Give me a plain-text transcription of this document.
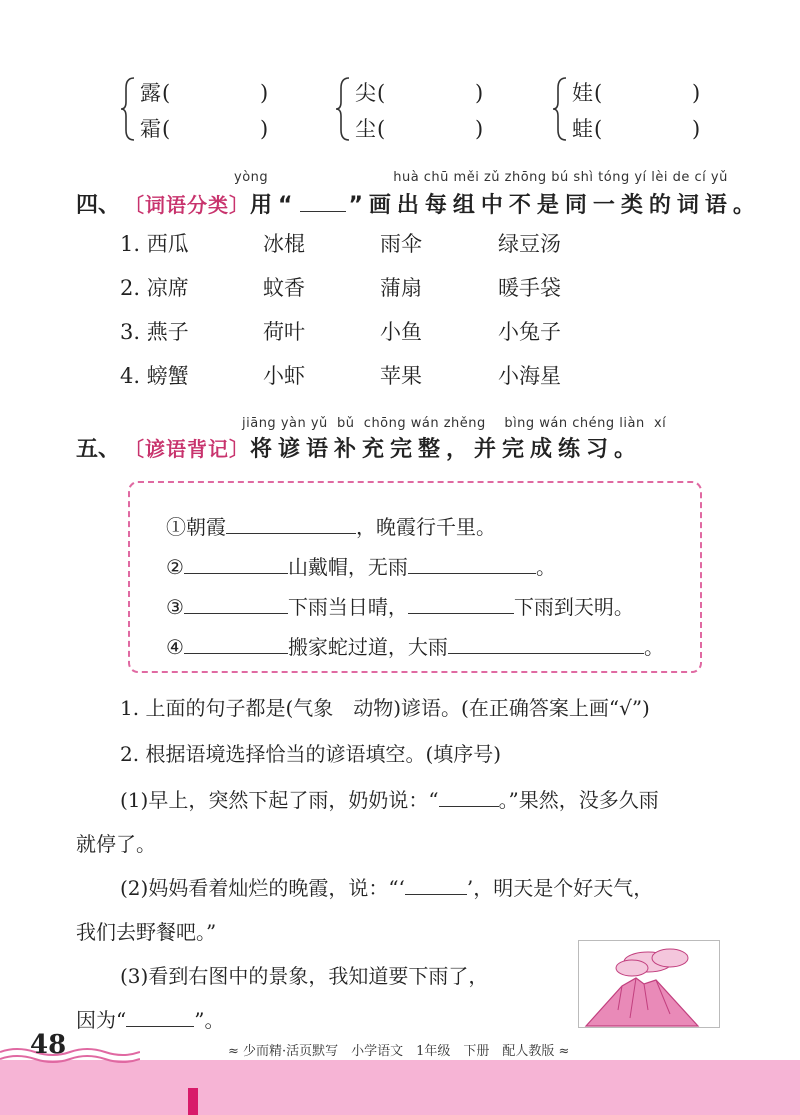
露(	)
霜(	)
尖(	)
尘(	)
娃(	)
蛙(	)
yòng                           huà chū měi zǔ zhōng bú shì tóng yí lèi de cí yǔ
四、 〔词语分类〕 用“ ”画出每组中不是同一类的词语。
1. 西瓜	冰棍	雨伞	绿豆汤
2. 凉席	蚊香	蒲扇	暖手袋
3. 燕子	荷叶	小鱼	小兔子
4. 螃蟹	小虾	苹果	小海星
jiāng yàn yǔ  bǔ  chōng wán zhěng    bìng wán chéng liàn  xí
五、 〔谚语背记〕 将谚语补充完整，并完成练习。
①朝霞	，晚霞行千里。
②	山戴帽，无雨	。
③	下雨当日晴，	下雨到天明。
④	搬家蛇过道，大雨	。
1. 上面的句子都是(气象　动物)谚语。(在正确答案上画“√”)
2. 根据语境选择恰当的谚语填空。(填序号)
(1)早上，突然下起了雨，奶奶说：“	。”果然，没多久雨
就停了。
(2)妈妈看着灿烂的晚霞，说：“‘	’，明天是个好天气，
我们去野餐吧。”
(3)看到右图中的景象，我知道要下雨了，
因为“	”。
48	≈ 少而精·活页默写　小学语文　1年级　下册　配人教版 ≈
